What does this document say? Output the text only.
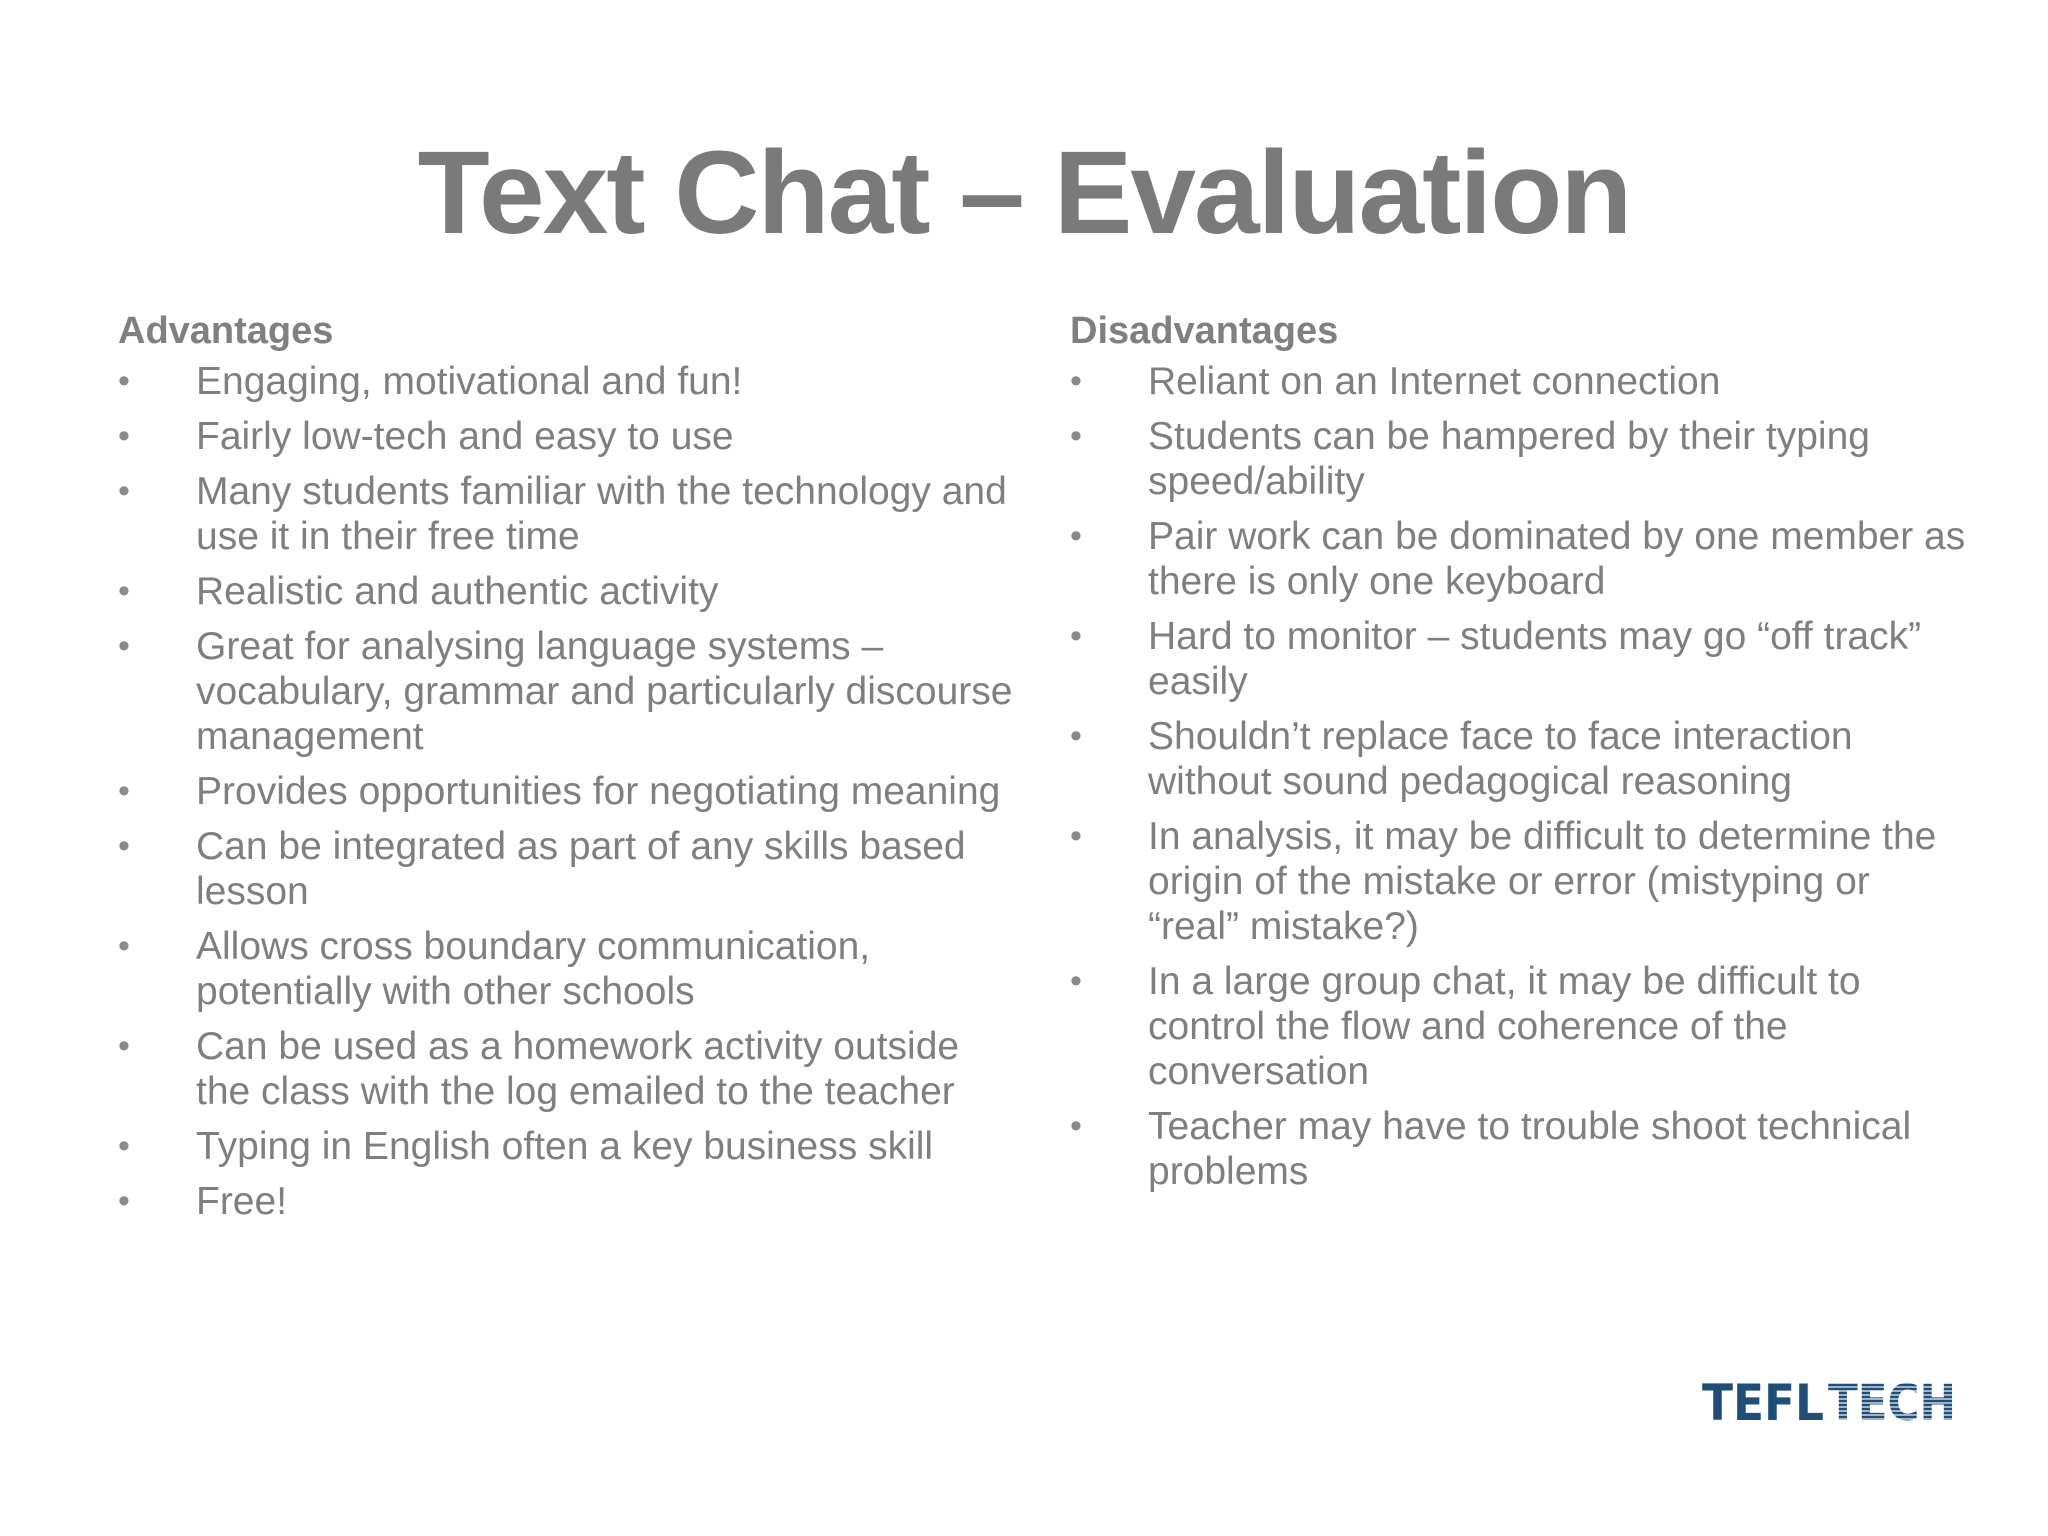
Text Chat – Evaluation
Advantages
•	Engaging, motivational and fun!
•	Fairly low-tech and easy to use
•	Many students familiar with the technology and use it in their free time
•	Realistic and authentic activity
•	Great for analysing language systems – vocabulary, grammar and particularly discourse management
•	Provides opportunities for negotiating meaning
•	Can be integrated as part of any skills based lesson
•	Allows cross boundary communication, potentially with other schools
•	Can be used as a homework activity outside the class with the log emailed to the teacher
•	Typing in English often a key business skill
•	Free!
Disadvantages
•	Reliant on an Internet connection
•	Students can be hampered by their typing speed/ability
•	Pair work can be dominated by one member as there is only one keyboard
•	Hard to monitor – students may go “off track” easily
•	Shouldn’t replace face to face interaction without sound pedagogical reasoning
•	In analysis, it may be difficult to determine the origin of the mistake or error (mistyping or “real” mistake?)
•	In a large group chat, it may be difficult to control the flow and coherence of the conversation
•	Teacher may have to trouble shoot technical problems
TEFL TECH
